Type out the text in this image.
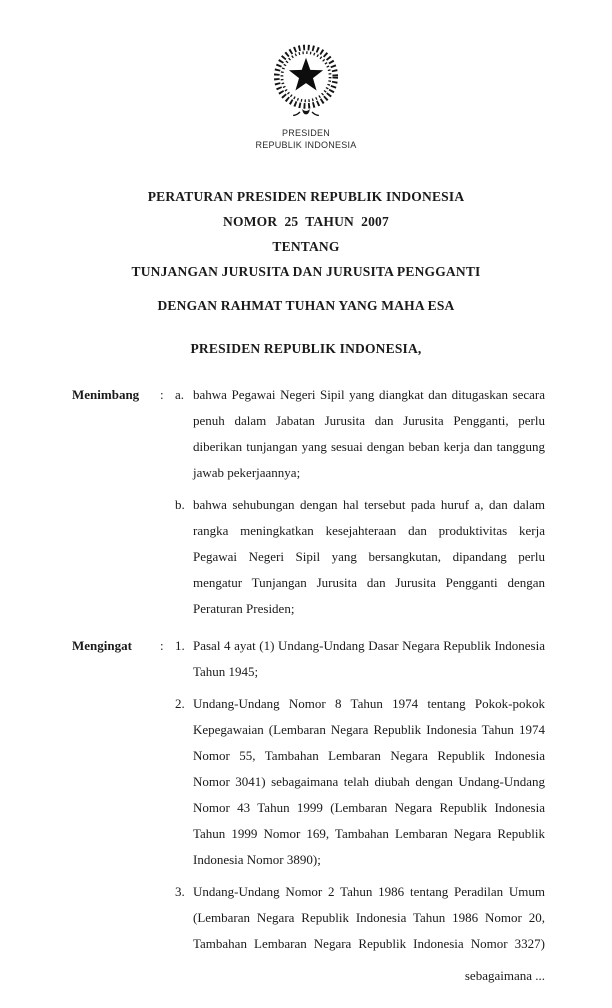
PRESIDEN
REPUBLIK INDONESIA
PERATURAN PRESIDEN REPUBLIK INDONESIA
NOMOR  25  TAHUN  2007
TENTANG
TUNJANGAN JURUSITA DAN JURUSITA PENGGANTI
DENGAN RAHMAT TUHAN YANG MAHA ESA
PRESIDEN REPUBLIK INDONESIA,
Menimbang	: a. bahwa Pegawai Negeri Sipil yang diangkat dan ditugaskan secara penuh dalam Jabatan Jurusita dan Jurusita Pengganti, perlu diberikan tunjangan yang sesuai dengan beban kerja dan tanggung jawab pekerjaannya;
b. bahwa sehubungan dengan hal tersebut pada huruf a, dan dalam rangka meningkatkan kesejahteraan dan produktivitas kerja Pegawai Negeri Sipil yang bersangkutan, dipandang perlu mengatur Tunjangan Jurusita dan Jurusita Pengganti dengan Peraturan Presiden;
Mengingat	: 1. Pasal 4 ayat (1) Undang-Undang Dasar Negara Republik Indonesia Tahun 1945;
2. Undang-Undang Nomor 8 Tahun 1974 tentang Pokok-pokok Kepegawaian (Lembaran Negara Republik Indonesia Tahun 1974 Nomor 55, Tambahan Lembaran Negara Republik Indonesia Nomor 3041) sebagaimana telah diubah dengan Undang-Undang Nomor 43 Tahun 1999 (Lembaran Negara Republik Indonesia Tahun 1999 Nomor 169, Tambahan Lembaran Negara Republik Indonesia Nomor 3890);
3. Undang-Undang Nomor 2 Tahun 1986 tentang Peradilan Umum (Lembaran Negara Republik Indonesia Tahun 1986 Nomor 20, Tambahan Lembaran Negara Republik Indonesia Nomor 3327)
sebagaimana ...
